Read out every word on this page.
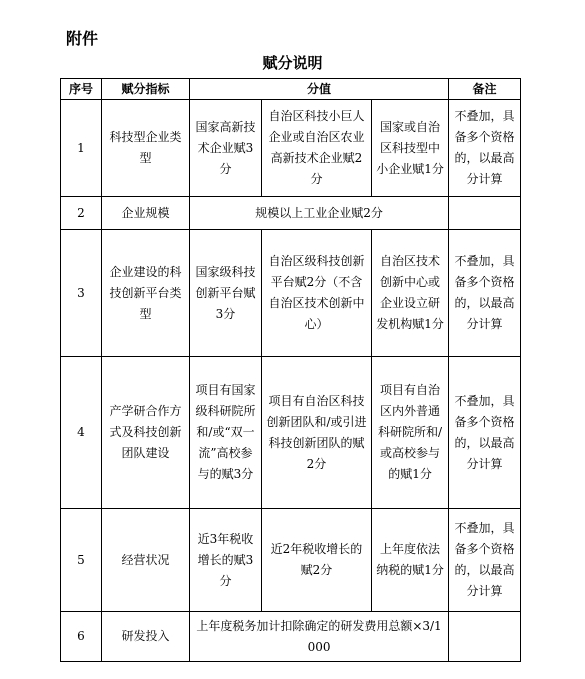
附件
赋分说明
序号	赋分指标	分值			备注
1	科技型企业类型	国家高新技术企业赋3分	自治区科技小巨人企业或自治区农业高新技术企业赋2分	国家或自治区科技型中小企业赋1分	不叠加，具备多个资格的，以最高分计算
2	企业规模	规模以上工业企业赋2分			
3	企业建设的科技创新平台类型	国家级科技创新平台赋3分	自治区级科技创新平台赋2分（不含自治区技术创新中心）	自治区技术创新中心或企业设立研发机构赋1分	不叠加，具备多个资格的，以最高分计算
4	产学研合作方式及科技创新团队建设	项目有国家级科研院所和/或“双一流”高校参与的赋3分	项目有自治区科技创新团队和/或引进科技创新团队的赋2分	项目有自治区内外普通科研院所和/或高校参与的赋1分	不叠加，具备多个资格的，以最高分计算
5	经营状况	近3年税收增长的赋3分	近2年税收增长的赋2分	上年度依法纳税的赋1分	不叠加，具备多个资格的，以最高分计算
6	研发投入	上年度税务加计扣除确定的研发费用总额×3/1000			
